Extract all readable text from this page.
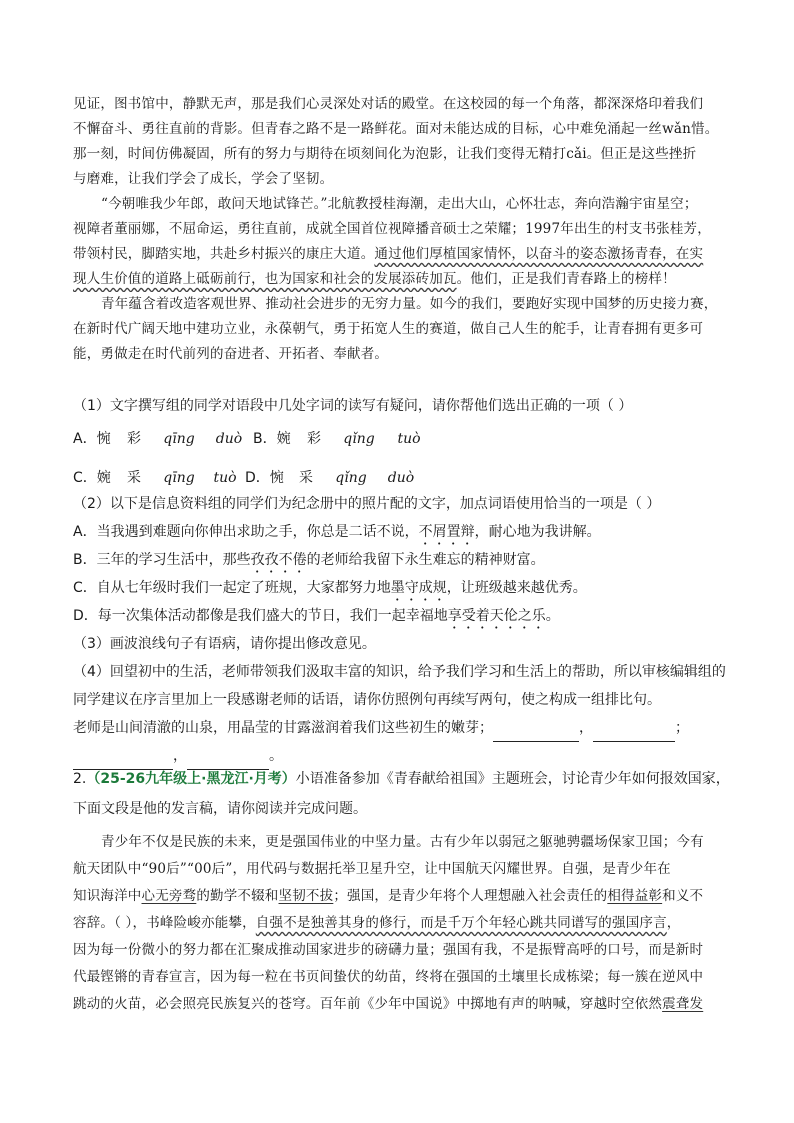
见证，图书馆中，静默无声，那是我们心灵深处对话的殿堂。在这校园的每一个角落，都深深烙印着我们
不懈奋斗、勇往直前的背影。但青春之路不是一路鲜花。面对未能达成的目标，心中难免涌起一丝wǎn惜。
那一刻，时间仿佛凝固，所有的努力与期待在顷刻间化为泡影，让我们变得无精打cǎi。但正是这些挫折
与磨难，让我们学会了成长，学会了坚韧。
“今朝唯我少年郎，敢问天地试锋芒。”北航教授桂海潮，走出大山，心怀壮志，奔向浩瀚宇宙星空；
视障者董丽娜，不屈命运，勇往直前，成就全国首位视障播音硕士之荣耀；1997年出生的村支书张桂芳，
带领村民，脚踏实地，共赴乡村振兴的康庄大道。通过他们厚植国家情怀，以奋斗的姿态激扬青春，在实
现人生价值的道路上砥砺前行，也为国家和社会的发展添砖加瓦。他们，正是我们青春路上的榜样！
青年蕴含着改造客观世界、推动社会进步的无穷力量。如今的我们，要跑好实现中国梦的历史接力赛，
在新时代广阔天地中建功立业，永葆朝气，勇于拓宽人生的赛道，做自己人生的舵手，让青春拥有更多可
能，勇做走在时代前列的奋进者、开拓者、奉献者。
（1）文字撰写组的同学对语段中几处字词的读写有疑问，请你帮他们选出正确的一项（ ）
A．惋 彩 qīng duò B．婉 彩 qǐng tuò
C．婉 采 qīng tuò D．惋 采 qǐng duò
（2）以下是信息资料组的同学们为纪念册中的照片配的文字，加点词语使用恰当的一项是（ ）
A．当我遇到难题向你伸出求助之手，你总是二话不说，不屑置辩，耐心地为我讲解。
B．三年的学习生活中，那些孜孜不倦的老师给我留下永生难忘的精神财富。
C．自从七年级时我们一起定了班规，大家都努力地墨守成规，让班级越来越优秀。
D．每一次集体活动都像是我们盛大的节日，我们一起幸福地享受着天伦之乐。
（3）画波浪线句子有语病，请你提出修改意见。
（4）回望初中的生活，老师带领我们汲取丰富的知识，给予我们学习和生活上的帮助，所以审核编辑组的
同学建议在序言里加上一段感谢老师的话语，请你仿照例句再续写两句，使之构成一组排比句。
老师是山间清澈的山泉，用晶莹的甘露滋润着我们这些初生的嫩芽；	，	；
，	。
2.（25-26九年级上·黑龙江·月考）小语准备参加《青春献给祖国》主题班会，讨论青少年如何报效国家，
下面文段是他的发言稿，请你阅读并完成问题。
青少年不仅是民族的未来，更是强国伟业的中坚力量。古有少年以弱冠之躯驰骋疆场保家卫国；今有
航天团队中“90后”“00后”，用代码与数据托举卫星升空，让中国航天闪耀世界。自强，是青少年在
知识海洋中心无旁骛的勤学不辍和坚韧不拔；强国，是青少年将个人理想融入社会责任的相得益彰和义不
容辞。（ ），书峰险峻亦能攀，自强不是独善其身的修行，而是千万个年轻心跳共同谱写的强国序言，
因为每一份微小的努力都在汇聚成推动国家进步的磅礴力量；强国有我，不是振臂高呼的口号，而是新时
代最铿锵的青春宣言，因为每一粒在书页间蛰伏的幼苗，终将在强国的土壤里长成栋梁；每一簇在逆风中
跳动的火苗，必会照亮民族复兴的苍穹。百年前《少年中国说》中掷地有声的呐喊，穿越时空依然震聋发
